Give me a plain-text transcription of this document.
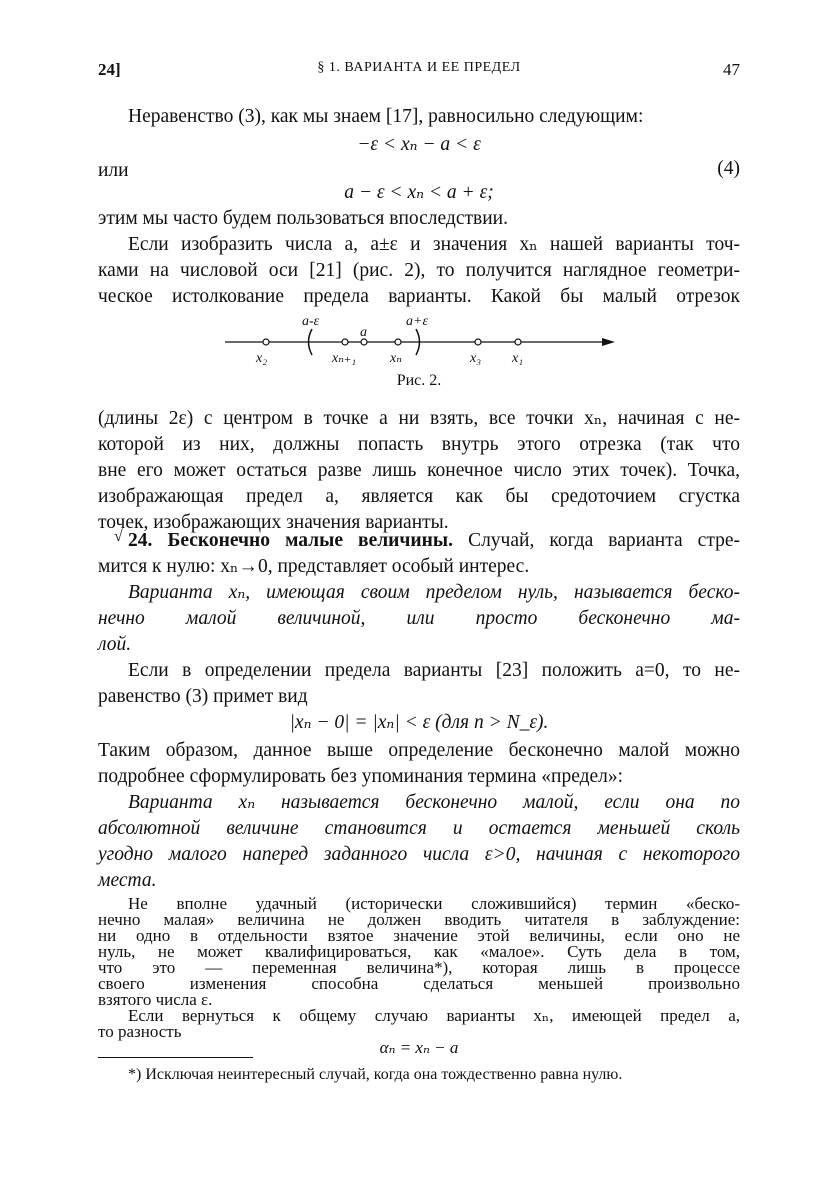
24]	§ 1. ВАРИАНТА И ЕЕ ПРЕДЕЛ	47
Неравенство (3), как мы знаем [17], равносильно следующим:
−ε < xₙ − a < ε
или	(4)
a − ε < xₙ < a + ε;
этим мы часто будем пользоваться впоследствии.
Если изобразить числа a, a±ε и значения xₙ нашей варианты точ-
ками на числовой оси [21] (рис. 2), то получится наглядное геометри-
ческое истолкование предела варианты. Какой бы малый отрезок
a-ε	a+ε
a
x₂	xₙ₊₁ xₙ	x₃ x₁
Рис. 2.
(длины 2ε) с центром в точке a ни взять, все точки xₙ, начиная с не-
которой из них, должны попасть внутрь этого отрезка (так что
вне его может остаться разве лишь конечное число этих точек). Точка,
изображающая предел a, является как бы средоточием сгустка
точек, изображающих значения варианты.
√ 24. Бесконечно малые величины. Случай, когда варианта стре-
мится к нулю: xₙ→0, представляет особый интерес.
Варианта xₙ, имеющая своим пределом нуль, называется беско-
нечно малой величиной, или просто бесконечно ма-
лой.
Если в определении предела варианты [23] положить a=0, то не-
равенство (3) примет вид
|xₙ − 0| = |xₙ| < ε (для n > N_ε).
Таким образом, данное выше определение бесконечно малой можно
подробнее сформулировать без упоминания термина «предел»:
Варианта xₙ называется бесконечно малой, если она по
абсолютной величине становится и остается меньшей сколь
угодно малого наперед заданного числа ε>0, начиная с некоторого
места.
Не вполне удачный (исторически сложившийся) термин «беско-
нечно малая» величина не должен вводить читателя в заблуждение:
ни одно в отдельности взятое значение этой величины, если оно не
нуль, не может квалифицироваться, как «малое». Суть дела в том,
что это — переменная величина*), которая лишь в процессе
своего изменения способна сделаться меньшей произвольно
*) Исключая неинтересный случай, когда она тождественно равна нулю.
взятого числа ε.
Если вернуться к общему случаю варианты xₙ, имеющей предел a,
то разность
αₙ = xₙ − a
